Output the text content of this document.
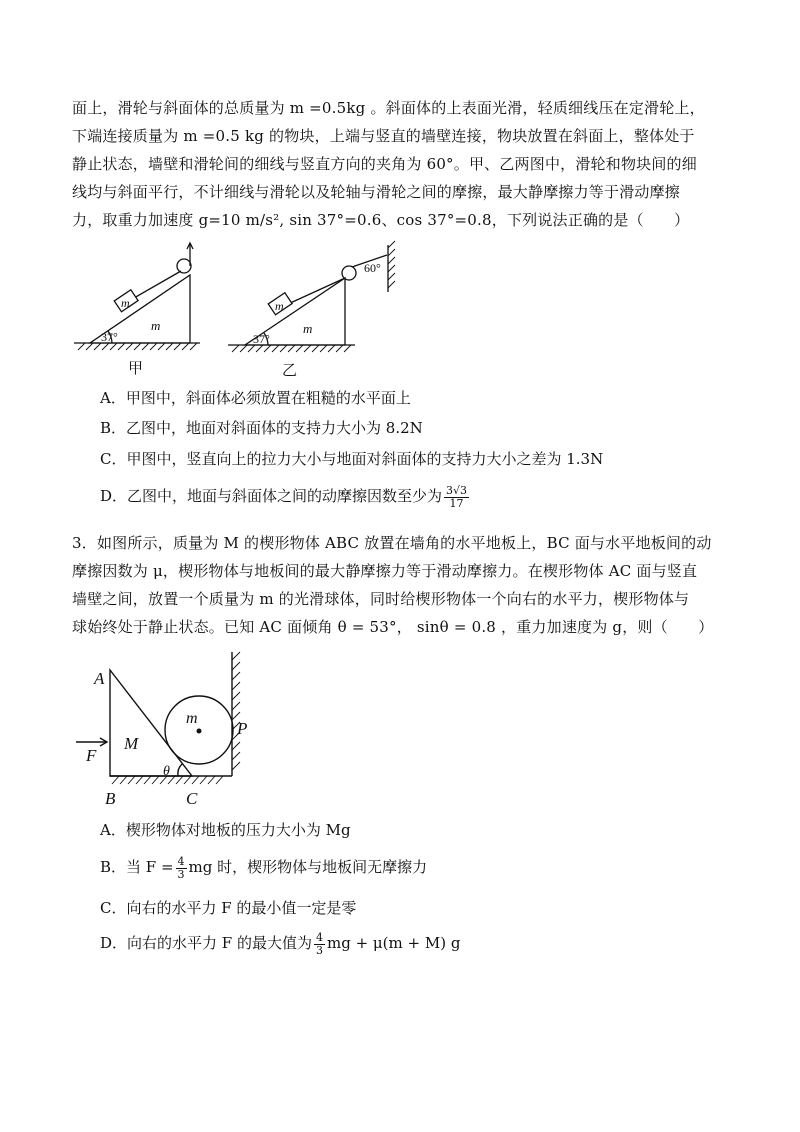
面上，滑轮与斜面体的总质量为 m =0.5kg 。斜面体的上表面光滑，轻质细线压在定滑轮上，

下端连接质量为 m =0.5 kg 的物块，上端与竖直的墙壁连接，物块放置在斜面上，整体处于

静止状态，墙壁和滑轮间的细线与竖直方向的夹角为 60°。甲、乙两图中，滑轮和物块间的细

线均与斜面平行，不计细线与滑轮以及轮轴与滑轮之间的摩擦，最大静摩擦力等于滑动摩擦

力，取重力加速度 g=10 m/s², sin 37°=0.6、cos 37°=0.8，下列说法正确的是（　　）

m
m
37°
甲
m
m
37°
60°
乙
A．甲图中，斜面体必须放置在粗糙的水平面上
B．乙图中，地面对斜面体的支持力大小为 8.2N
C．甲图中，竖直向上的拉力大小与地面对斜面体的支持力大小之差为 1.3N
D．乙图中，地面与斜面体之间的动摩擦因数至少为 $\frac{3√3}{17}$

3．如图所示，质量为 M 的楔形物体 ABC 放置在墙角的水平地板上，BC 面与水平地板间的动

摩擦因数为 μ，楔形物体与地板间的最大静摩擦力等于滑动摩擦力。在楔形物体 AC 面与竖直

墙壁之间，放置一个质量为 m 的光滑球体，同时给楔形物体一个向右的水平力，楔形物体与

球始终处于静止状态。已知 AC 面倾角 θ = 53°， sinθ = 0.8 ，重力加速度为 g，则（　　）

A
B	C
M
F
m
P
θ
A．楔形物体对地板的压力大小为 Mg
B．当 $F = \frac{4}{3}$ mg 时，楔形物体与地板间无摩擦力
C．向右的水平力 F 的最小值一定是零
D．向右的水平力 F 的最大值为 $\frac{4}{3}$ mg + μ(m + M) g
